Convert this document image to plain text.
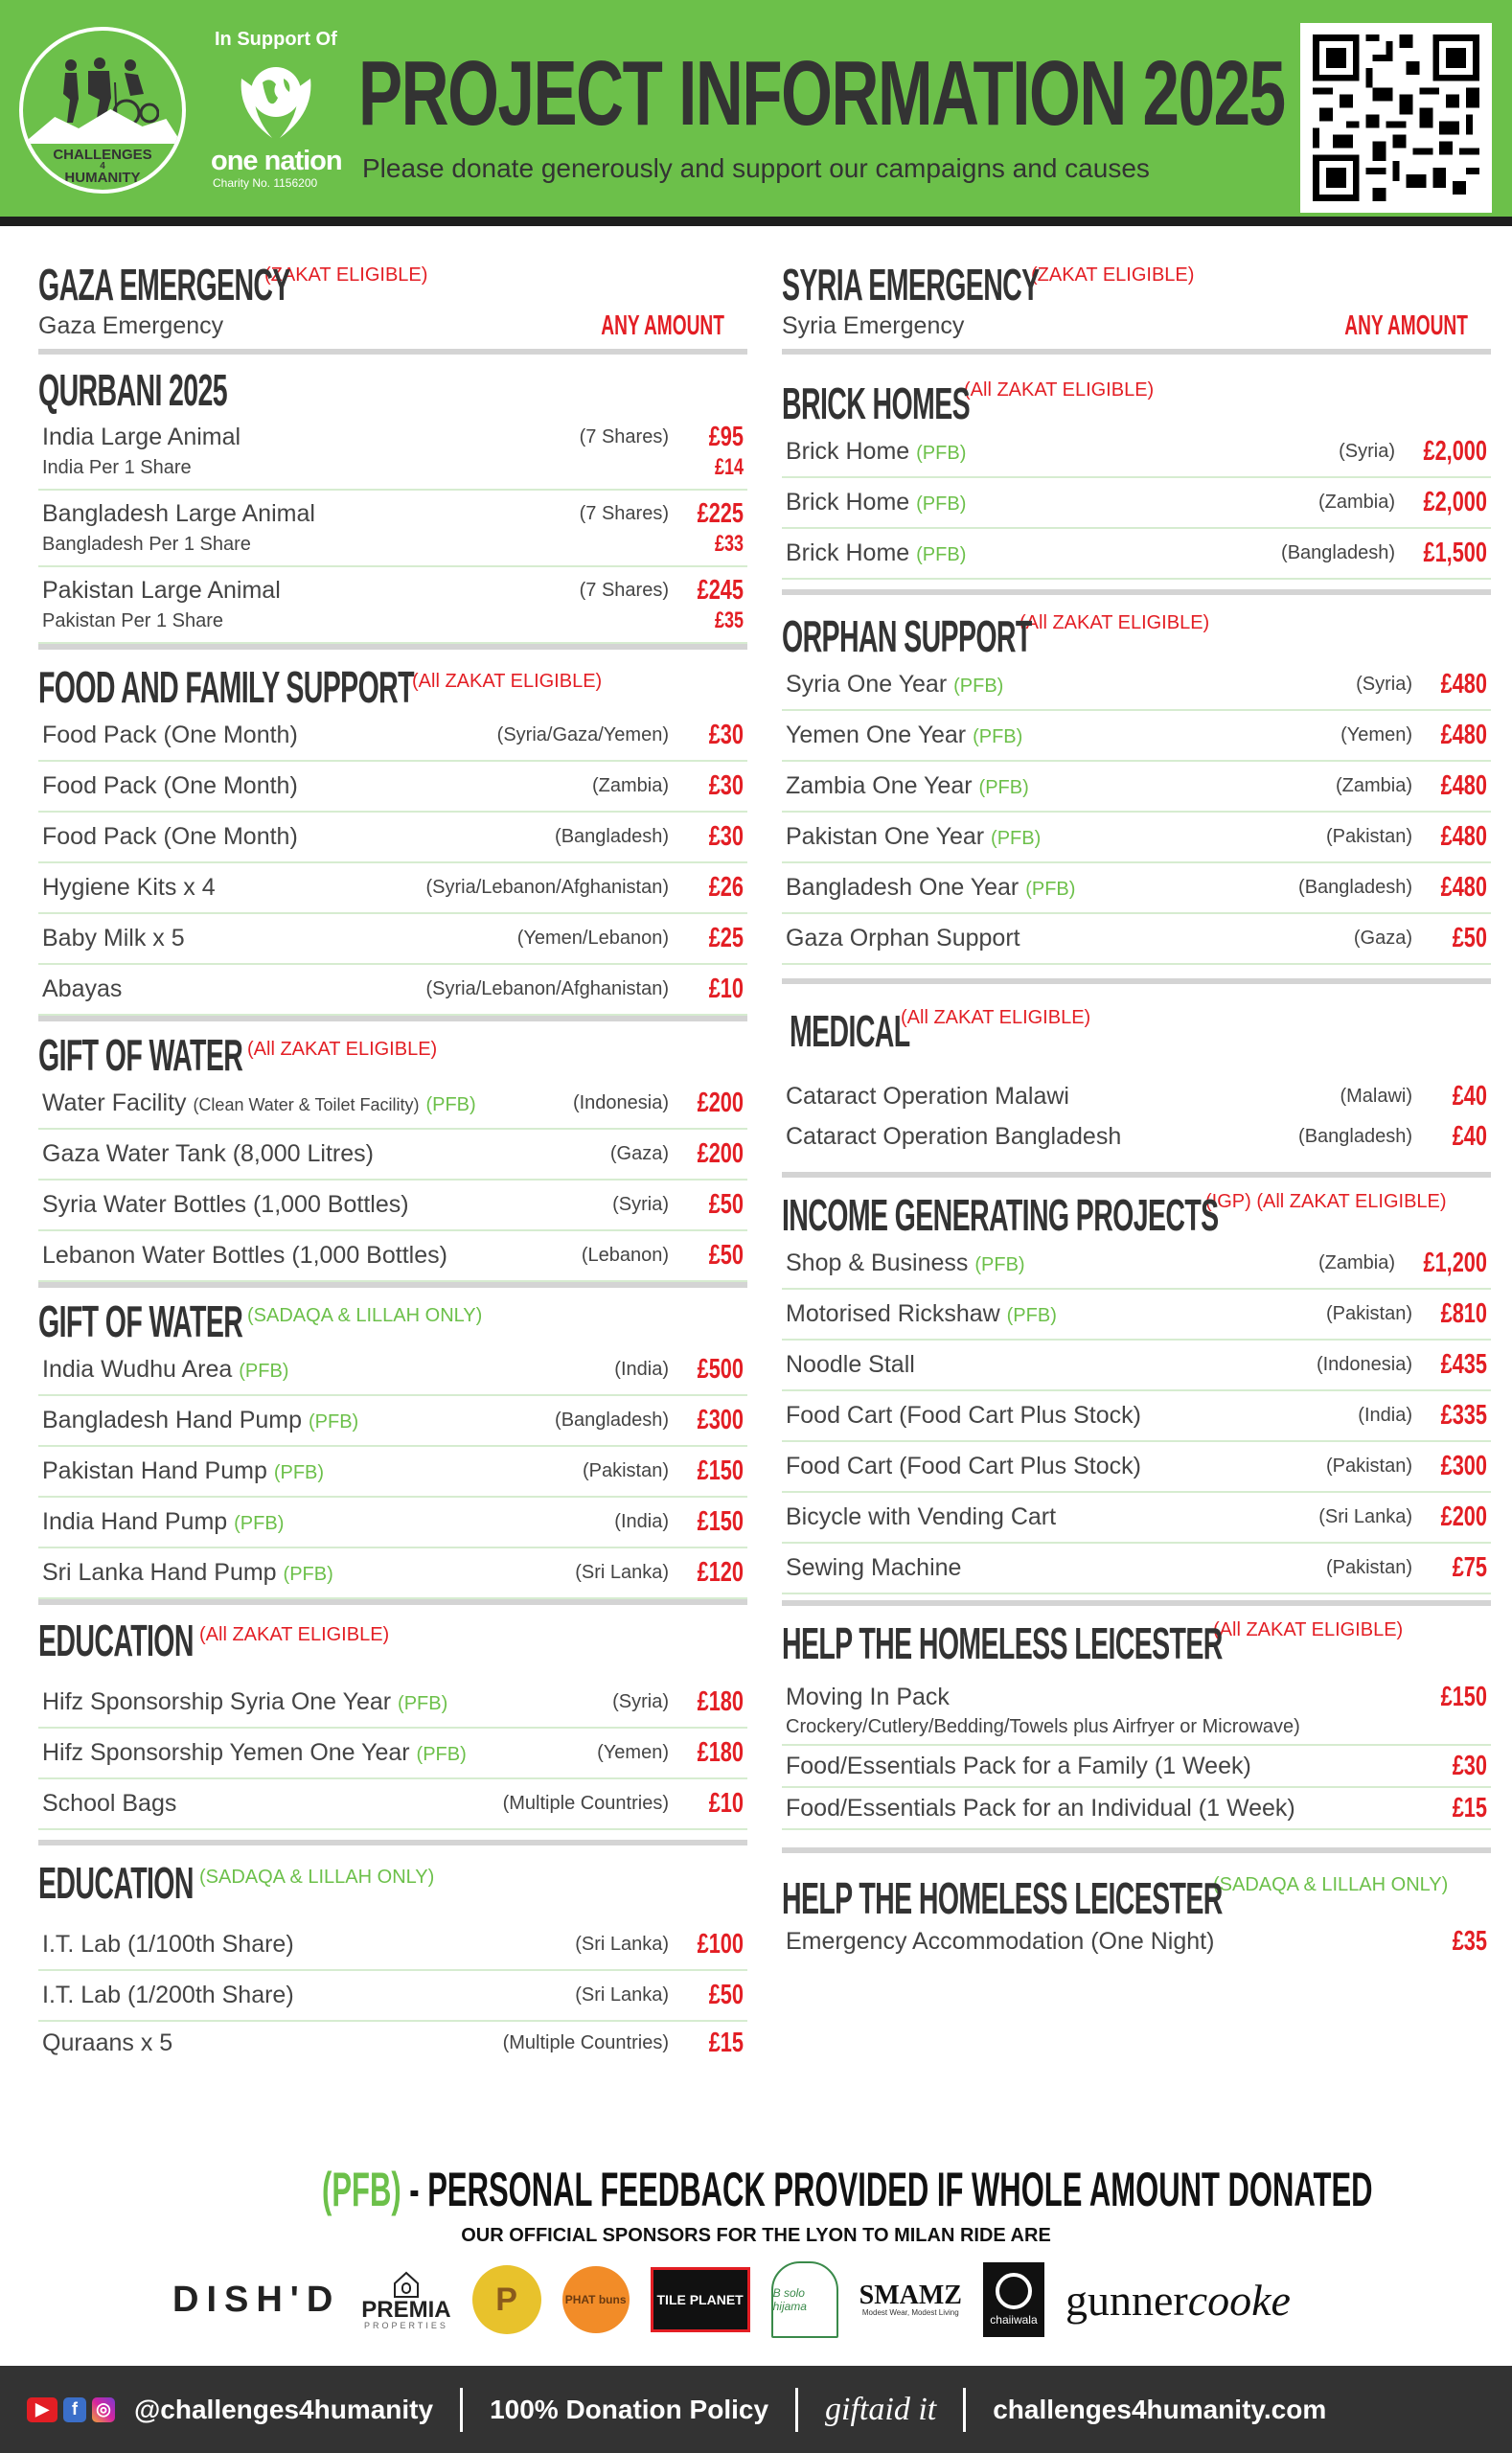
CHALLENGES
4
HUMANITY
In Support Of
one nation
Charity No. 1156200
PROJECT INFORMATION 2025
Please donate generously and support our campaigns and causes
GAZA EMERGENCY
(ZAKAT ELIGIBLE)
Gaza Emergency	ANY AMOUNT
QURBANI 2025
India Large Animal	(7 Shares)	£95
India Per 1 Share	£14
Bangladesh Large Animal	(7 Shares) £225
Bangladesh Per 1 Share	£33
Pakistan Large Animal	(7 Shares) £245
Pakistan Per 1 Share	£35
FOOD AND FAMILY SUPPORT
(All ZAKAT ELIGIBLE)
Food Pack (One Month)	(Syria/Gaza/Yemen)	£30
Food Pack (One Month)	(Zambia)	£30
Food Pack (One Month)	(Bangladesh)	£30
Hygiene Kits x 4	(Syria/Lebanon/Afghanistan)	£26
Baby Milk x 5	(Yemen/Lebanon)	£25
Abayas	(Syria/Lebanon/Afghanistan)	£10
GIFT OF WATER (All ZAKAT ELIGIBLE)
Water Facility (Clean Water & Toilet Facility) (PFB)	(Indonesia) £200
Gaza Water Tank (8,000 Litres)	(Gaza) £200
Syria Water Bottles (1,000 Bottles)	(Syria)	£50
Lebanon Water Bottles (1,000 Bottles)	(Lebanon)	£50
GIFT OF WATER (SADAQA & LILLAH ONLY)
India Wudhu Area (PFB)	(India) £500
Bangladesh Hand Pump (PFB)	(Bangladesh) £300
Pakistan Hand Pump (PFB)	(Pakistan) £150
India Hand Pump (PFB)	(India) £150
Sri Lanka Hand Pump (PFB)	(Sri Lanka) £120
EDUCATION (All ZAKAT ELIGIBLE)
Hifz Sponsorship Syria One Year (PFB)	(Syria) £180
Hifz Sponsorship Yemen One Year (PFB)	(Yemen) £180
School Bags	(Multiple Countries)	£10
EDUCATION (SADAQA & LILLAH ONLY)
I.T. Lab (1/100th Share)	(Sri Lanka) £100
I.T. Lab (1/200th Share)	(Sri Lanka)	£50
Quraans x 5	(Multiple Countries)	£15
SYRIA EMERGENCY
(ZAKAT ELIGIBLE)
Syria Emergency	ANY AMOUNT
BRICK HOMES
(All ZAKAT ELIGIBLE)
Brick Home (PFB)	(Syria) £2,000
Brick Home (PFB)	(Zambia) £2,000
Brick Home (PFB)	(Bangladesh) £1,500
ORPHAN SUPPORT
(All ZAKAT ELIGIBLE)
Syria One Year (PFB)	(Syria) £480
Yemen One Year (PFB)	(Yemen) £480
Zambia One Year (PFB)	(Zambia) £480
Pakistan One Year (PFB)	(Pakistan) £480
Bangladesh One Year (PFB)	(Bangladesh) £480
Gaza Orphan Support	(Gaza)	£50
MEDICAL
(All ZAKAT ELIGIBLE)
Cataract Operation Malawi	(Malawi)	£40
Cataract Operation Bangladesh	(Bangladesh)	£40
INCOME GENERATING PROJECTS
(IGP) (All ZAKAT ELIGIBLE)
Shop & Business (PFB)	(Zambia) £1,200
Motorised Rickshaw (PFB)	(Pakistan) £810
Noodle Stall	(Indonesia) £435
Food Cart (Food Cart Plus Stock)	(India) £335
Food Cart (Food Cart Plus Stock)	(Pakistan) £300
Bicycle with Vending Cart	(Sri Lanka) £200
Sewing Machine	(Pakistan)	£75
HELP THE HOMELESS LEICESTER
(All ZAKAT ELIGIBLE)
Moving In Pack	£150
Crockery/Cutlery/Bedding/Towels plus Airfryer or Microwave)
Food/Essentials Pack for a Family (1 Week)	£30
Food/Essentials Pack for an Individual (1 Week)	£15
HELP THE HOMELESS LEICESTER
(SADAQA & LILLAH ONLY)
Emergency Accommodation (One Night)	£35
(PFB) - PERSONAL FEEDBACK PROVIDED IF WHOLE AMOUNT DONATED
OUR OFFICIAL SPONSORS FOR THE LYON TO MILAN RIDE ARE
DISH'D PREMIA
PROPERTIES
P	PHAT buns	TILE PLANET	B solo hijama	SMAMZ
Modest Wear, Modest Living
chaiiwala gunner cooke
▶	f	◎ @challenges4humanity 100% Donation Policy giftaid it challenges4humanity.com
